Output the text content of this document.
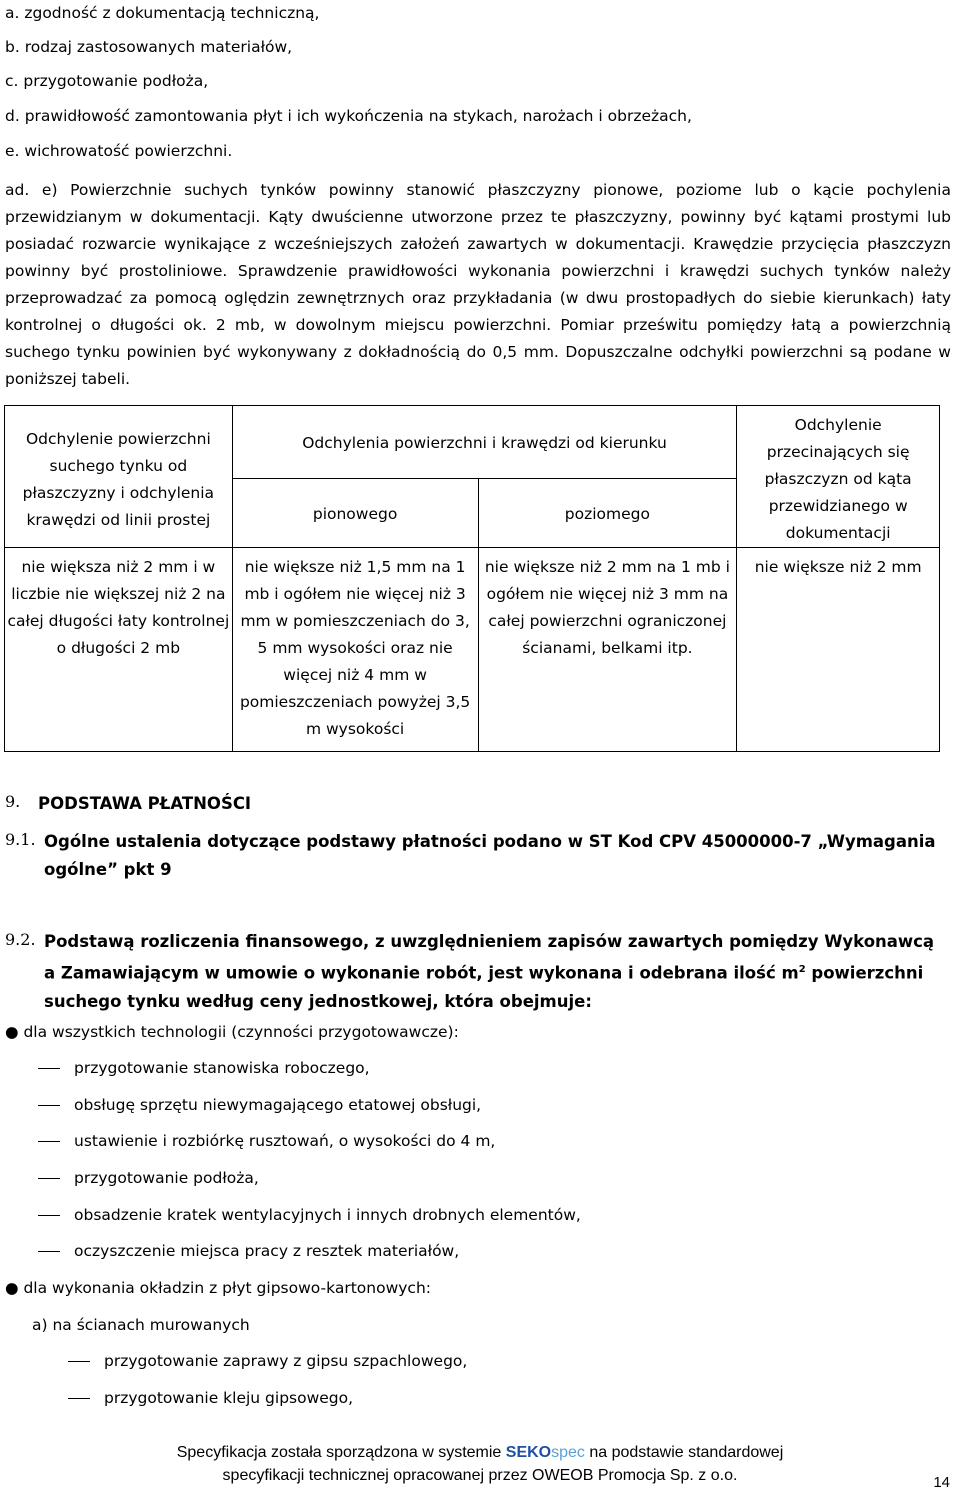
a. zgodność z dokumentacją techniczną,
b. rodzaj zastosowanych materiałów,
c. przygotowanie podłoża,
d. prawidłowość zamontowania płyt i ich wykończenia na stykach, narożach i obrzeżach,
e. wichrowatość powierzchni.
ad. e) Powierzchnie suchych tynków powinny stanowić płaszczyzny pionowe, poziome lub o kącie pochylenia przewidzianym w dokumentacji. Kąty dwuścienne utworzone przez te płaszczyzny, powinny być kątami prostymi lub posiadać rozwarcie wynikające z wcześniejszych założeń zawartych w dokumentacji. Krawędzie przycięcia płaszczyzn powinny być prostoliniowe. Sprawdzenie prawidłowości wykonania powierzchni i krawędzi suchych tynków należy przeprowadzać za pomocą oględzin zewnętrznych oraz przykładania (w dwu prostopadłych do siebie kierunkach) łaty kontrolnej o długości ok. 2 mb, w dowolnym miejscu powierzchni. Pomiar prześwitu pomiędzy łatą a powierzchnią suchego tynku powinien być wykonywany z dokładnością do 0,5 mm. Dopuszczalne odchyłki powierzchni są podane w poniższej tabeli.
Odchylenie powierzchni suchego tynku od płaszczyzny i odchylenia krawędzi od linii prostej	Odchylenia powierzchni i krawędzi od kierunku		Odchylenie przecinających się płaszczyzn od kąta przewidzianego w dokumentacji
	pionowego	poziomego	
nie większa niż 2 mm i w liczbie nie większej niż 2 na całej długości łaty kontrolnej o długości 2 mb	nie większe niż 1,5 mm na 1 mb i ogółem nie więcej niż 3 mm w pomieszczeniach do 3, 5 mm wysokości oraz nie więcej niż 4 mm w pomieszczeniach powyżej 3,5 m wysokości	nie większe niż 2 mm na 1 mb i ogółem nie więcej niż 3 mm na całej powierzchni ograniczonej ścianami, belkami itp.	nie większe niż 2 mm
9. PODSTAWA PŁATNOŚCI
9.1. Ogólne ustalenia dotyczące podstawy płatności podano w ST Kod CPV 45000000-7 „Wymagania ogólne” pkt 9
9.2. Podstawą rozliczenia finansowego, z uwzględnieniem zapisów zawartych pomiędzy Wykonawcą a Zamawiającym w umowie o wykonanie robót, jest wykonana i odebrana ilość $m^2$ powierzchni suchego tynku według ceny jednostkowej, która obejmuje:
● dla wszystkich technologii (czynności przygotowawcze):
przygotowanie stanowiska roboczego,
obsługę sprzętu niewymagającego etatowej obsługi,
ustawienie i rozbiórkę rusztowań, o wysokości do 4 m,
przygotowanie podłoża,
obsadzenie kratek wentylacyjnych i innych drobnych elementów,
oczyszczenie miejsca pracy z resztek materiałów,
● dla wykonania okładzin z płyt gipsowo-kartonowych:
a) na ścianach murowanych
przygotowanie zaprawy z gipsu szpachlowego,
przygotowanie kleju gipsowego,
Specyfikacja została sporządzona w systemie SEKOspec na podstawie standardowej
specyfikacji technicznej opracowanej przez OWEOB Promocja Sp. z o.o.	14
